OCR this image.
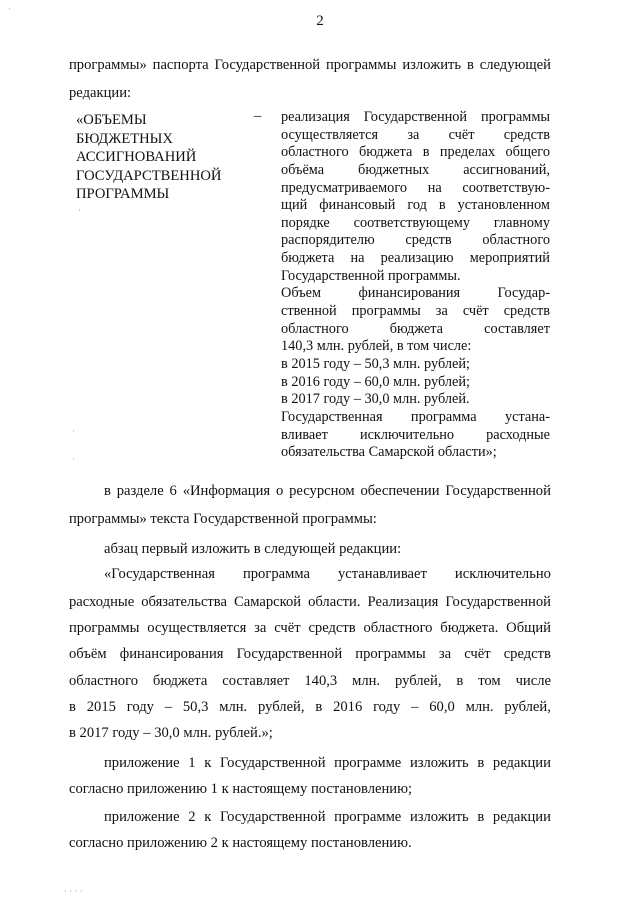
2
программы» паспорта Государственной программы изложить в следующей
редакции:
«ОБЪЕМЫ
БЮДЖЕТНЫХ
АССИГНОВАНИЙ
ГОСУДАРСТВЕННОЙ
ПРОГРАММЫ
– реализация Государственной программы
осуществляется за счёт средств
областного бюджета в пределах общего
объёма бюджетных ассигнований,
предусматриваемого на соответствую-
щий финансовый год в установленном
порядке соответствующему главному
распорядителю средств областного
бюджета на реализацию мероприятий
Государственной программы.
Объем	финансирования	Государ-
ственной программы за счёт средств
областного	бюджета	составляет
140,3 млн. рублей, в том числе:
в 2015 году – 50,3 млн. рублей;
в 2016 году – 60,0 млн. рублей;
в 2017 году – 30,0 млн. рублей.
Государственная программа устана-
вливает исключительно расходные
обязательства Самарской области»;
в разделе 6 «Информация о ресурсном обеспечении Государственной
программы» текста Государственной программы:
абзац первый изложить в следующей редакции:
«Государственная программа устанавливает исключительно
расходные обязательства Самарской области. Реализация Государственной
программы осуществляется за счёт средств областного бюджета. Общий
объём финансирования Государственной программы за счёт средств
областного бюджета составляет 140,3 млн. рублей, в том числе
в 2015 году – 50,3 млн. рублей, в 2016 году – 60,0 млн. рублей,
в 2017 году – 30,0 млн. рублей.»;
приложение 1 к Государственной программе изложить в редакции
согласно приложению 1 к настоящему постановлению;
приложение 2 к Государственной программе изложить в редакции
согласно приложению 2 к настоящему постановлению.
·
·
·
·
· · · ·
